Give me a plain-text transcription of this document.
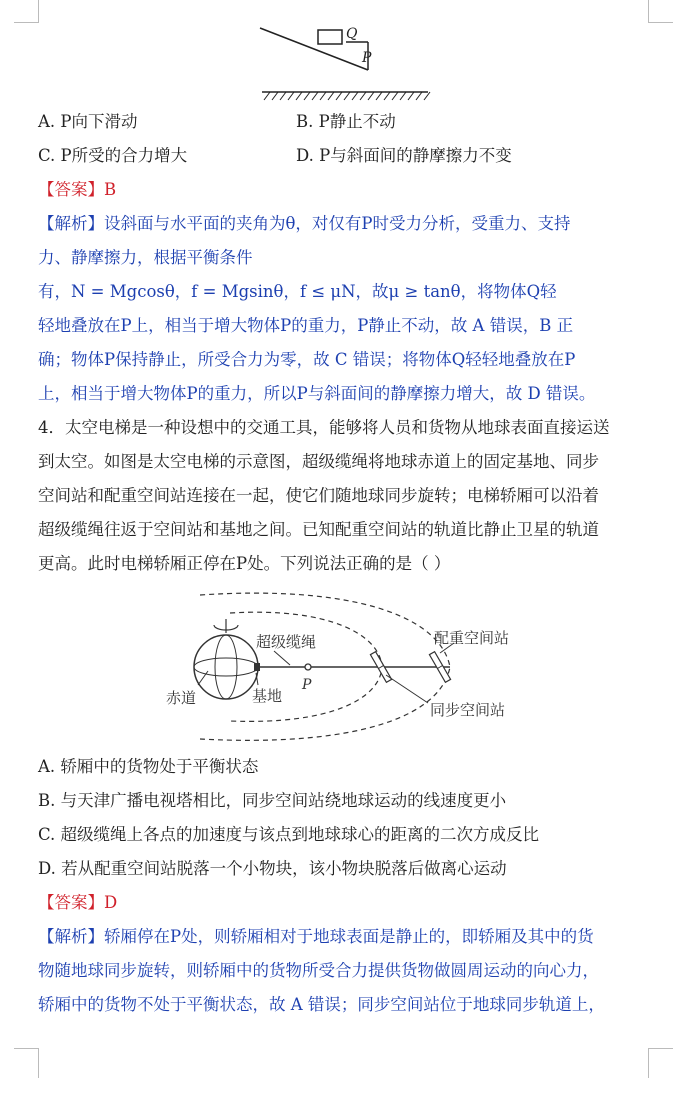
Q
P
A. P向下滑动	B. P静止不动
C. P所受的合力增大	D. P与斜面间的静摩擦力不变
【答案】B
【解析】设斜面与水平面的夹角为θ，对仅有P时受力分析，受重力、支持
力、静摩擦力，根据平衡条件
有，N = Mgcosθ，f = Mgsinθ，f ≤ μN，故μ ≥ tanθ，将物体Q轻
轻地叠放在P上，相当于增大物体P的重力，P静止不动，故 A 错误，B 正
确；物体P保持静止，所受合力为零，故 C 错误；将物体Q轻轻地叠放在P
上，相当于增大物体P的重力，所以P与斜面间的静摩擦力增大，故 D 错误。
4．太空电梯是一种设想中的交通工具，能够将人员和货物从地球表面直接运送
到太空。如图是太空电梯的示意图，超级缆绳将地球赤道上的固定基地、同步
空间站和配重空间站连接在一起，使它们随地球同步旋转；电梯轿厢可以沿着
超级缆绳往返于空间站和基地之间。已知配重空间站的轨道比静止卫星的轨道
更高。此时电梯轿厢正停在P处。下列说法正确的是（ ）
超级缆绳	配重空间站
赤道	基地
P
同步空间站
A. 轿厢中的货物处于平衡状态
B. 与天津广播电视塔相比，同步空间站绕地球运动的线速度更小
C. 超级缆绳上各点的加速度与该点到地球球心的距离的二次方成反比
D. 若从配重空间站脱落一个小物块，该小物块脱落后做离心运动
【答案】D
【解析】轿厢停在P处，则轿厢相对于地球表面是静止的，即轿厢及其中的货
物随地球同步旋转，则轿厢中的货物所受合力提供货物做圆周运动的向心力，
轿厢中的货物不处于平衡状态，故 A 错误；同步空间站位于地球同步轨道上，
